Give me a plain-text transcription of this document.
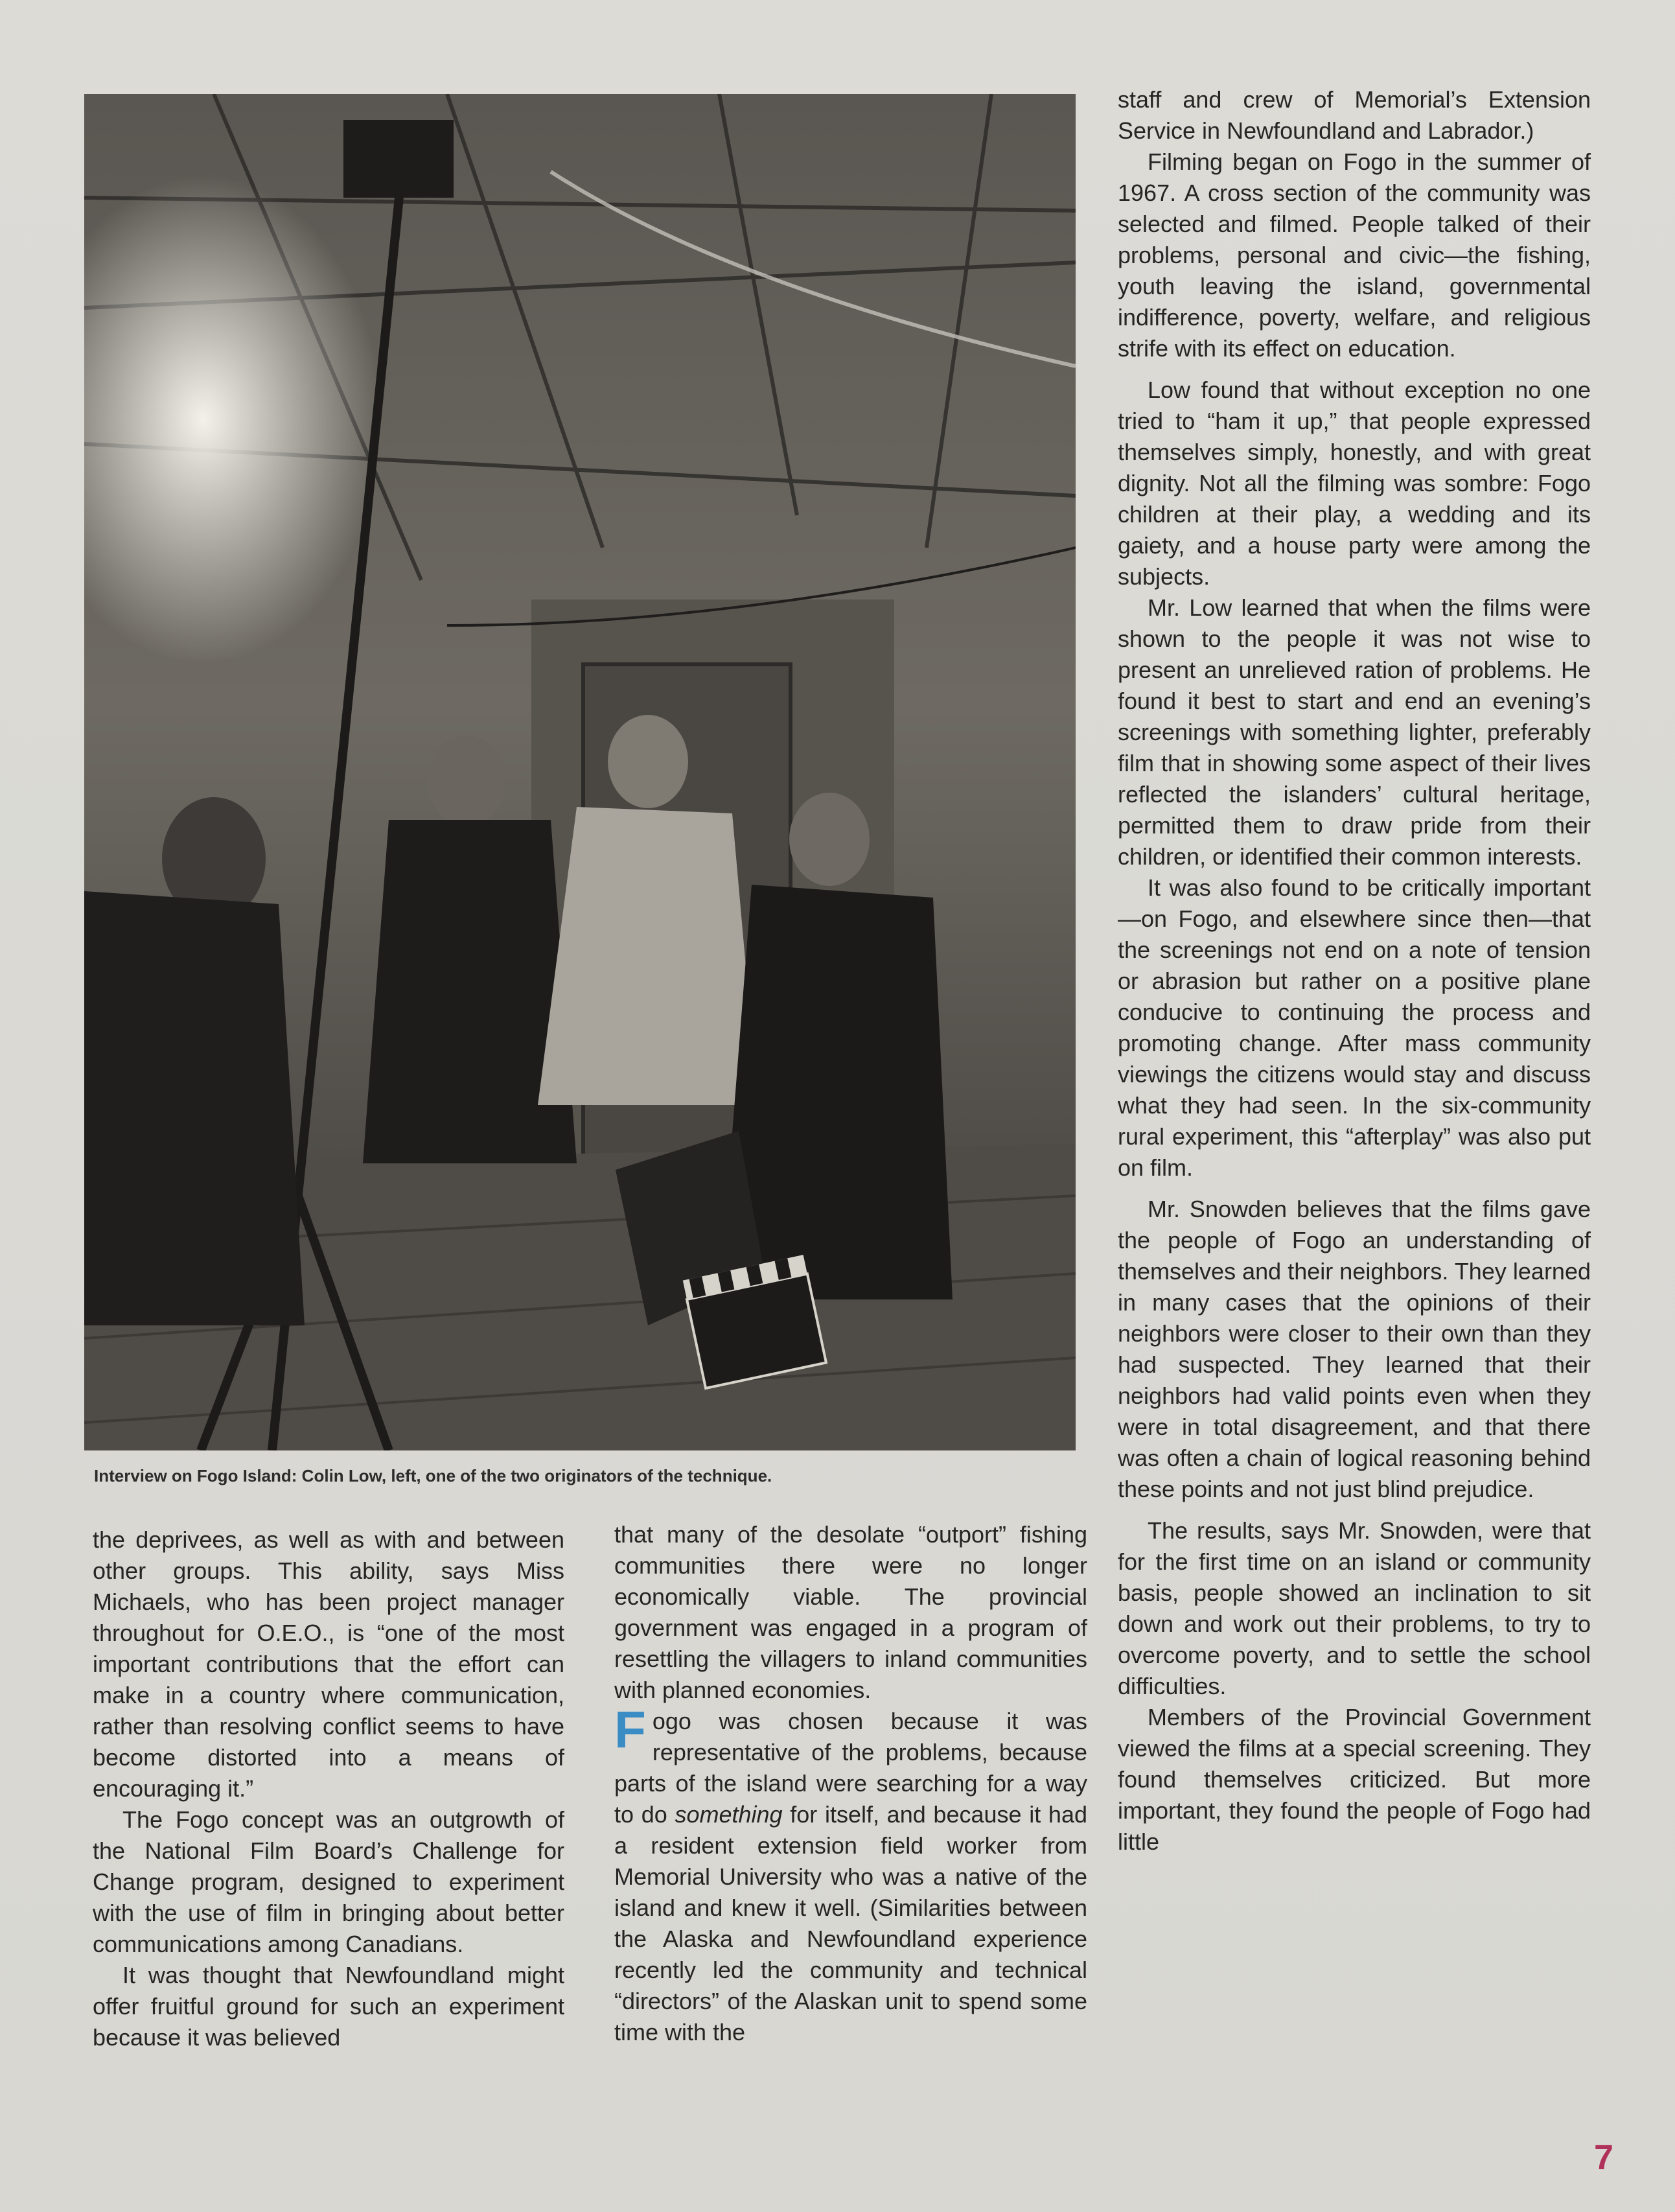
Interview on Fogo Island: Colin Low, left, one of the two originators of the technique.

the deprivees, as well as with and between other groups. This ability, says Miss Michaels, who has been project manager throughout for O.E.O., is “one of the most important contributions that the effort can make in a country where communication, rather than resolving conflict seems to have become distorted into a means of encouraging it.”

The Fogo concept was an outgrowth of the National Film Board’s Challenge for Change program, designed to experiment with the use of film in bringing about better communications among Canadians.

It was thought that Newfoundland might offer fruitful ground for such an experiment because it was believed

that many of the desolate “outport” fishing communities there were no longer economically viable. The provincial government was engaged in a program of resettling the villagers to inland communities with planned economies.

Fogo was chosen because it was representative of the problems, because parts of the island were searching for a way to do something for itself, and because it had a resident extension field worker from Memorial University who was a native of the island and knew it well. (Similarities between the Alaska and Newfoundland experience recently led the community and technical “directors” of the Alaskan unit to spend some time with the

staff and crew of Memorial’s Extension Service in Newfoundland and Labrador.)

Filming began on Fogo in the summer of 1967. A cross section of the community was selected and filmed. People talked of their problems, personal and civic—the fishing, youth leaving the island, governmental indifference, poverty, welfare, and religious strife with its effect on education.

Low found that without exception no one tried to “ham it up,” that people expressed themselves simply, honestly, and with great dignity. Not all the filming was sombre: Fogo children at their play, a wedding and its gaiety, and a house party were among the subjects.

Mr. Low learned that when the films were shown to the people it was not wise to present an unrelieved ration of problems. He found it best to start and end an evening’s screenings with something lighter, preferably film that in showing some aspect of their lives reflected the islanders’ cultural heritage, permitted them to draw pride from their children, or identified their common interests.

It was also found to be critically important—on Fogo, and elsewhere since then—that the screenings not end on a note of tension or abrasion but rather on a positive plane conducive to continuing the process and promoting change. After mass community viewings the citizens would stay and discuss what they had seen. In the six-community rural experiment, this “afterplay” was also put on film.

Mr. Snowden believes that the films gave the people of Fogo an understanding of themselves and their neighbors. They learned in many cases that the opinions of their neighbors were closer to their own than they had suspected. They learned that their neighbors had valid points even when they were in total disagreement, and that there was often a chain of logical reasoning behind these points and not just blind prejudice.

The results, says Mr. Snowden, were that for the first time on an island or community basis, people showed an inclination to sit down and work out their problems, to try to overcome poverty, and to settle the school difficulties.

Members of the Provincial Government viewed the films at a special screening. They found themselves criticized. But more important, they found the people of Fogo had little

7
